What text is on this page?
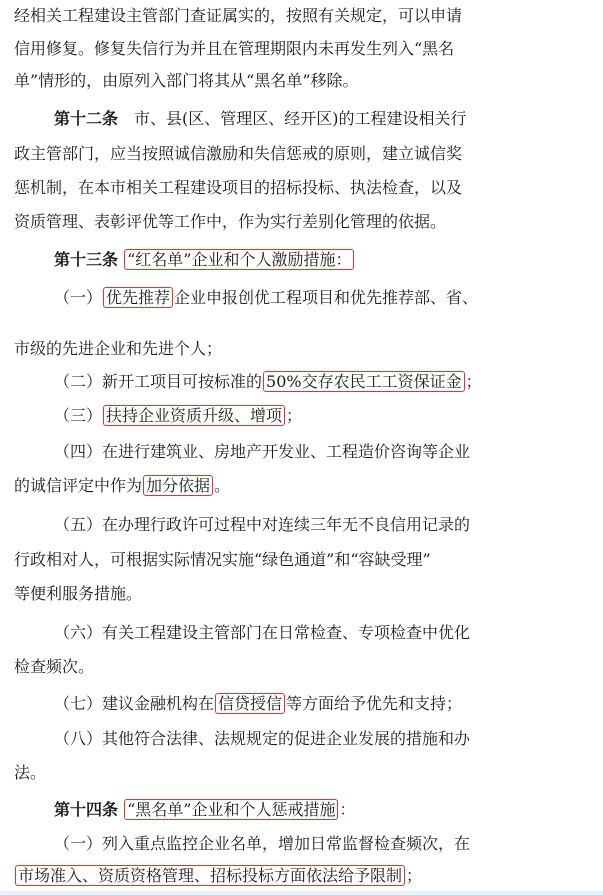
经相关工程建设主管部门查证属实的，按照有关规定，可以申请
信用修复。修复失信行为并且在管理期限内未再发生列入“黑名
单”情形的，由原列入部门将其从“黑名单”移除。
第十二条　市、县(区、管理区、经开区)的工程建设相关行
政主管部门，应当按照诚信激励和失信惩戒的原则，建立诚信奖
惩机制，在本市相关工程建设项目的招标投标、执法检查，以及
资质管理、表彰评优等工作中，作为实行差别化管理的依据。
第十三条 “红名单”企业和个人激励措施：
（一） 优先推荐 企业申报创优工程项目和优先推荐部、省、
市级的先进企业和先进个人；
（二）新开工项目可按标准的 50%交存农民工工资保证金 ；
（三） 扶持企业资质升级、增项 ；
（四）在进行建筑业、房地产开发业、工程造价咨询等企业
的诚信评定中作为 加分依据 。
（五）在办理行政许可过程中对连续三年无不良信用记录的
行政相对人，可根据实际情况实施“绿色通道”和“容缺受理”
等便利服务措施。
（六）有关工程建设主管部门在日常检查、专项检查中优化
检查频次。
（七）建议金融机构在 信贷授信 等方面给予优先和支持；
（八）其他符合法律、法规规定的促进企业发展的措施和办
法。
第十四条 “黑名单”企业和个人惩戒措施 ：
（一）列入重点监控企业名单，增加日常监督检查频次，在
市场准入、资质资格管理、招标投标方面依法给予限制 ；
